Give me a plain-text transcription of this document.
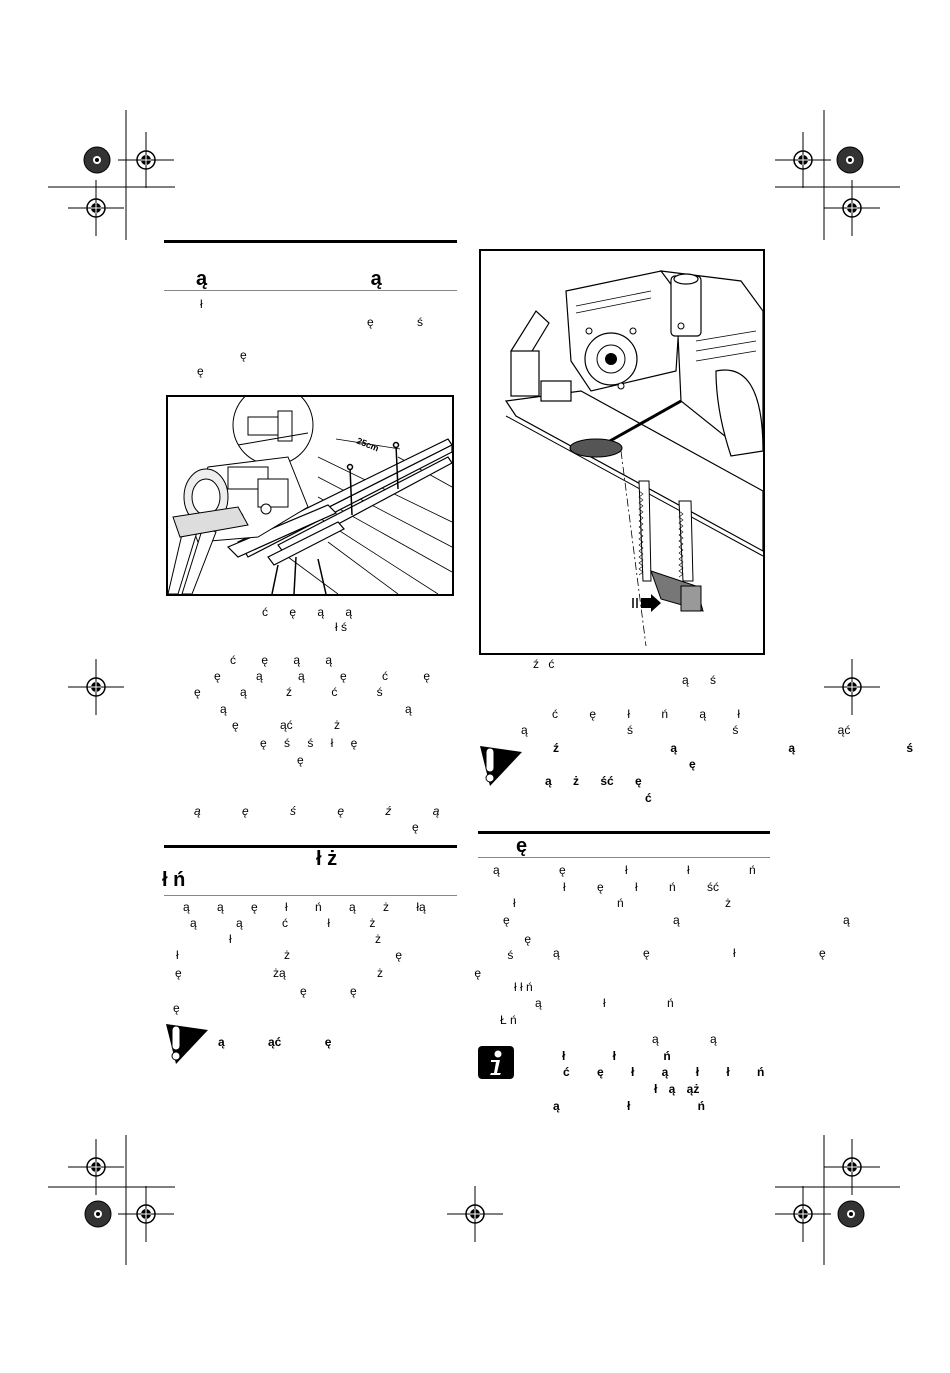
ą ą
ł
ę ś
ę
ę
25cm
ć ę ą ą
ł ś
ć ę ą ą
ę ą ą ę ć ę
ę ą ź ć ś
ą ą
ę ąć ż
ę ś ś ł ę
ę
ą ę ś ę ź ą
ę
ł ż
ł ń
ą ą ę ł ń ą ż łą
ą ą ć ł ż
ł ż ę
ł ż ę ś
ę żą ż ę
ę ę
ę
ą ąć ę
ź ć
ą ś
ć ę ł ń ą ł
ą ś ś ąć
ź ą ą ś
ę
ą ż ść ę
ć
ę
ą ę ł ł ń
ł ę ł ń ść
ł ń ż
ę ą ą
ą ę ł ę
ł ł ń
ą ł ń
Ł ń
ą ą
ł ł ń
ć ę ł ą ł ł ń
ł ą ąż
ą ł ń
